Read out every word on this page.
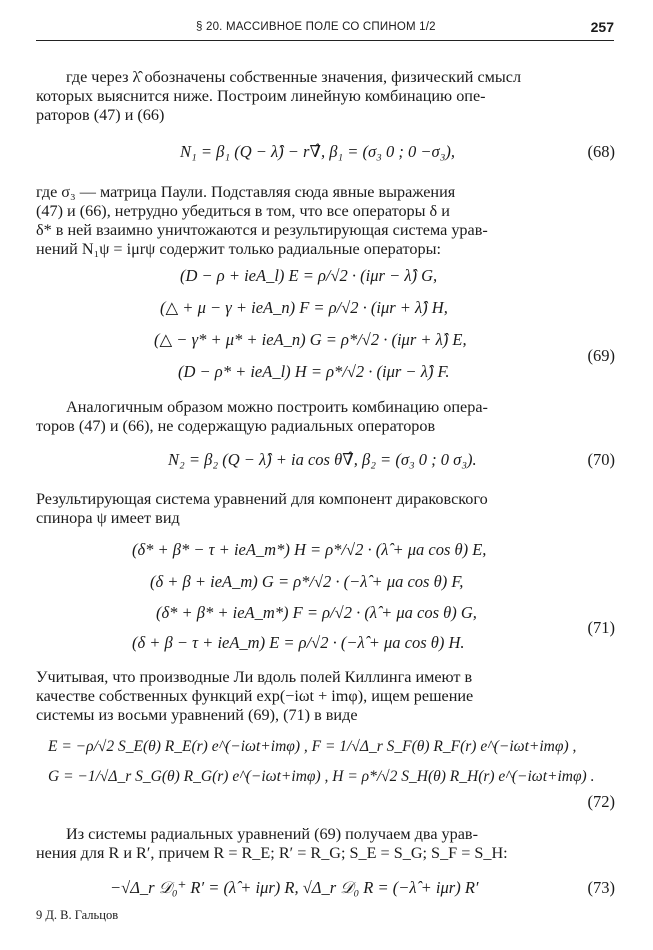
§ 20. МАССИВНОЕ ПОЛЕ СО СПИНОМ 1/2	257
где через λ̂ обозначены собственные значения, физический смысл
которых выяснится ниже. Построим линейную комбинацию опе-
раторов (47) и (66)
N₁ = β₁ (Q − λ̂) − r∇̂, β₁ = (σ₃ 0 ; 0 −σ₃),	(68)
где σ₃ — матрица Паули. Подставляя сюда явные выражения
(47) и (66), нетрудно убедиться в том, что все операторы δ и
δ* в ней взаимно уничтожаются и результирующая система урав-
нений N₁ψ = iμrψ содержит только радиальные операторы:
(D − ρ + ieA_l) E = ρ/√2 · (iμr − λ̂) G,
(△ + μ − γ + ieA_n) F = ρ/√2 · (iμr + λ̂) H,
(△ − γ* + μ* + ieA_n) G = ρ*/√2 · (iμr + λ̂) E,
(D − ρ* + ieA_l) H = ρ*/√2 · (iμr − λ̂) F.
(69)
Аналогичным образом можно построить комбинацию опера-
торов (47) и (66), не содержащую радиальных операторов
N₂ = β₂ (Q − λ̂) + ia cos θ∇̂, β₂ = (σ₃ 0 ; 0 σ₃).	(70)
Результирующая система уравнений для компонент дираковского
спинора ψ имеет вид
(δ* + β* − τ + ieA_m*) H = ρ*/√2 · (λ̂ + μa cos θ) E,
(δ + β + ieA_m) G = ρ*/√2 · (−λ̂ + μa cos θ) F,
(δ* + β* + ieA_m*) F = ρ/√2 · (λ̂ + μa cos θ) G,
(δ + β − τ + ieA_m) E = ρ/√2 · (−λ̂ + μa cos θ) H.
(71)
Учитывая, что производные Ли вдоль полей Киллинга имеют в
качестве собственных функций exp(−iωt + imφ), ищем решение
системы из восьми уравнений (69), (71) в виде
E = −ρ/√2 S_E(θ) R_E(r) e^(−iωt+imφ) , F = 1/√Δ_r S_F(θ) R_F(r) e^(−iωt+imφ) ,
G = −1/√Δ_r S_G(θ) R_G(r) e^(−iωt+imφ) , H = ρ*/√2 S_H(θ) R_H(r) e^(−iωt+imφ) .
(72)
Из системы радиальных уравнений (69) получаем два урав-
нения для R и R′, причем R = R_E; R′ = R_G; S_E = S_G; S_F = S_H:
−√Δ_r 𝒟₀⁺ R′ = (λ̂ + iμr) R, √Δ_r 𝒟₀ R = (−λ̂ + iμr) R′	(73)
9 Д. В. Гальцов
